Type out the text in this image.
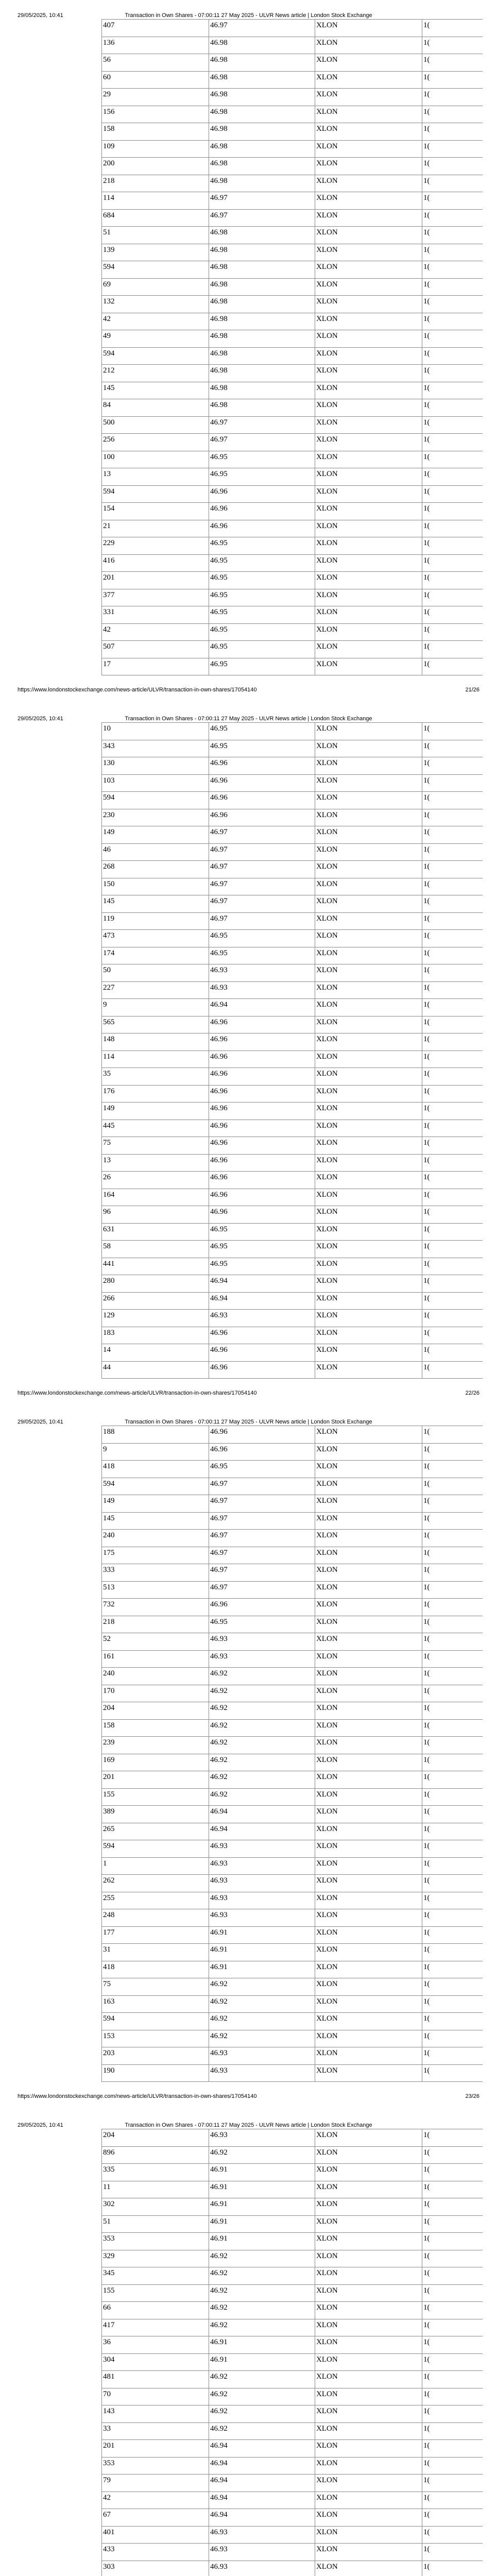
29/05/2025, 10:41	Transaction in Own Shares - 07:00:11 27 May 2025 - ULVR News article | London Stock Exchange
407	46.97	XLON	1(
136	46.98	XLON	1(
56	46.98	XLON	1(
60	46.98	XLON	1(
29	46.98	XLON	1(
156	46.98	XLON	1(
158	46.98	XLON	1(
109	46.98	XLON	1(
200	46.98	XLON	1(
218	46.98	XLON	1(
114	46.97	XLON	1(
684	46.97	XLON	1(
51	46.98	XLON	1(
139	46.98	XLON	1(
594	46.98	XLON	1(
69	46.98	XLON	1(
132	46.98	XLON	1(
42	46.98	XLON	1(
49	46.98	XLON	1(
594	46.98	XLON	1(
212	46.98	XLON	1(
145	46.98	XLON	1(
84	46.98	XLON	1(
500	46.97	XLON	1(
256	46.97	XLON	1(
100	46.95	XLON	1(
13	46.95	XLON	1(
594	46.96	XLON	1(
154	46.96	XLON	1(
21	46.96	XLON	1(
229	46.95	XLON	1(
416	46.95	XLON	1(
201	46.95	XLON	1(
377	46.95	XLON	1(
331	46.95	XLON	1(
42	46.95	XLON	1(
507	46.95	XLON	1(
17	46.95	XLON	1(
https://www.londonstockexchange.com/news-article/ULVR/transaction-in-own-shares/17054140	21/26
29/05/2025, 10:41	Transaction in Own Shares - 07:00:11 27 May 2025 - ULVR News article | London Stock Exchange
10	46.95	XLON	1(
343	46.95	XLON	1(
130	46.96	XLON	1(
103	46.96	XLON	1(
594	46.96	XLON	1(
230	46.96	XLON	1(
149	46.97	XLON	1(
46	46.97	XLON	1(
268	46.97	XLON	1(
150	46.97	XLON	1(
145	46.97	XLON	1(
119	46.97	XLON	1(
473	46.95	XLON	1(
174	46.95	XLON	1(
50	46.93	XLON	1(
227	46.93	XLON	1(
9	46.94	XLON	1(
565	46.96	XLON	1(
148	46.96	XLON	1(
114	46.96	XLON	1(
35	46.96	XLON	1(
176	46.96	XLON	1(
149	46.96	XLON	1(
445	46.96	XLON	1(
75	46.96	XLON	1(
13	46.96	XLON	1(
26	46.96	XLON	1(
164	46.96	XLON	1(
96	46.96	XLON	1(
631	46.95	XLON	1(
58	46.95	XLON	1(
441	46.95	XLON	1(
280	46.94	XLON	1(
266	46.94	XLON	1(
129	46.93	XLON	1(
183	46.96	XLON	1(
14	46.96	XLON	1(
44	46.96	XLON	1(
https://www.londonstockexchange.com/news-article/ULVR/transaction-in-own-shares/17054140	22/26
29/05/2025, 10:41	Transaction in Own Shares - 07:00:11 27 May 2025 - ULVR News article | London Stock Exchange
188	46.96	XLON	1(
9	46.96	XLON	1(
418	46.95	XLON	1(
594	46.97	XLON	1(
149	46.97	XLON	1(
145	46.97	XLON	1(
240	46.97	XLON	1(
175	46.97	XLON	1(
333	46.97	XLON	1(
513	46.97	XLON	1(
732	46.96	XLON	1(
218	46.95	XLON	1(
52	46.93	XLON	1(
161	46.93	XLON	1(
240	46.92	XLON	1(
170	46.92	XLON	1(
204	46.92	XLON	1(
158	46.92	XLON	1(
239	46.92	XLON	1(
169	46.92	XLON	1(
201	46.92	XLON	1(
155	46.92	XLON	1(
389	46.94	XLON	1(
265	46.94	XLON	1(
594	46.93	XLON	1(
1	46.93	XLON	1(
262	46.93	XLON	1(
255	46.93	XLON	1(
248	46.93	XLON	1(
177	46.91	XLON	1(
31	46.91	XLON	1(
418	46.91	XLON	1(
75	46.92	XLON	1(
163	46.92	XLON	1(
594	46.92	XLON	1(
153	46.92	XLON	1(
203	46.93	XLON	1(
190	46.93	XLON	1(
https://www.londonstockexchange.com/news-article/ULVR/transaction-in-own-shares/17054140	23/26
29/05/2025, 10:41	Transaction in Own Shares - 07:00:11 27 May 2025 - ULVR News article | London Stock Exchange
204	46.93	XLON	1(
896	46.92	XLON	1(
335	46.91	XLON	1(
11	46.91	XLON	1(
302	46.91	XLON	1(
51	46.91	XLON	1(
353	46.91	XLON	1(
329	46.92	XLON	1(
345	46.92	XLON	1(
155	46.92	XLON	1(
66	46.92	XLON	1(
417	46.92	XLON	1(
36	46.91	XLON	1(
304	46.91	XLON	1(
481	46.92	XLON	1(
70	46.92	XLON	1(
143	46.92	XLON	1(
33	46.92	XLON	1(
201	46.94	XLON	1(
353	46.94	XLON	1(
79	46.94	XLON	1(
42	46.94	XLON	1(
67	46.94	XLON	1(
401	46.93	XLON	1(
433	46.93	XLON	1(
303	46.93	XLON	1(
